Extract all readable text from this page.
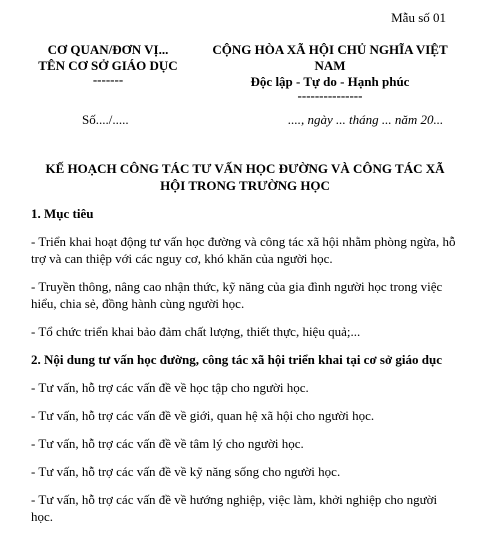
Mẫu số 01
CƠ QUAN/ĐƠN VỊ...

TÊN CƠ SỞ GIÁO DỤC
-------
CỘNG HÒA XÃ HỘI CHỦ NGHĨA VIỆT

NAM
Độc lập - Tự do - Hạnh phúc
---------------
Số..../.....	...., ngày ... tháng ... năm 20...
KẾ HOẠCH CÔNG TÁC TƯ VẤN HỌC ĐƯỜNG VÀ CÔNG TÁC XÃ
HỘI TRONG TRƯỜNG HỌC
1. Mục tiêu
- Triển khai hoạt động tư vấn học đường và công tác xã hội nhằm phòng ngừa, hỗ trợ và can thiệp với các nguy cơ, khó khăn của người học.
- Truyền thông, nâng cao nhận thức, kỹ năng của gia đình người học trong việc hiểu, chia sẻ, đồng hành cùng người học.
- Tổ chức triển khai bảo đảm chất lượng, thiết thực, hiệu quả;...
2. Nội dung tư vấn học đường, công tác xã hội triển khai tại cơ sở giáo dục
- Tư vấn, hỗ trợ các vấn đề về học tập cho người học.
- Tư vấn, hỗ trợ các vấn đề về giới, quan hệ xã hội cho người học.
- Tư vấn, hỗ trợ các vấn đề về tâm lý cho người học.
- Tư vấn, hỗ trợ các vấn đề về kỹ năng sống cho người học.
- Tư vấn, hỗ trợ các vấn đề về hướng nghiệp, việc làm, khởi nghiệp cho người học.
